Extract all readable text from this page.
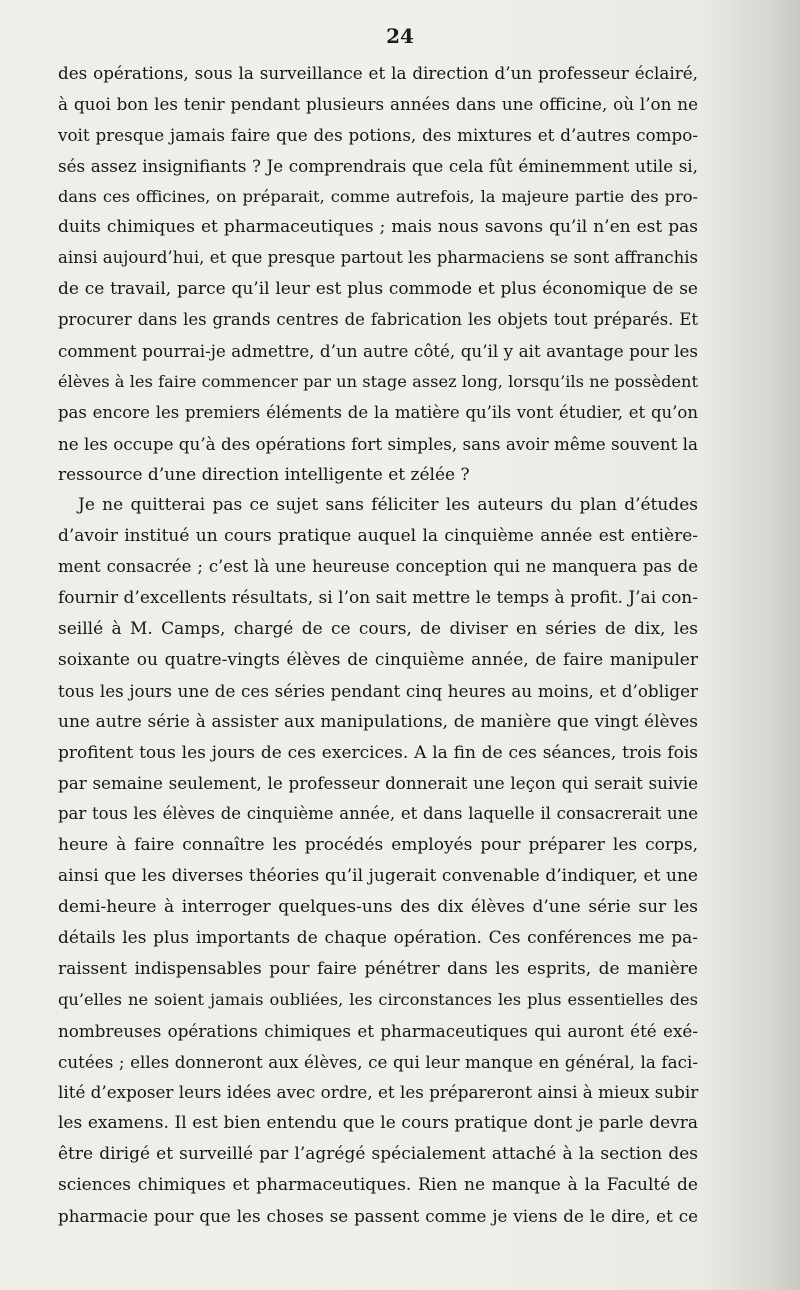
24
des opérations, sous la surveillance et la direction d’un professeur éclairé,
à quoi bon les tenir pendant plusieurs années dans une officine, où l’on ne
voit presque jamais faire que des potions, des mixtures et d’autres compo-
sés assez insignifiants ? Je comprendrais que cela fût éminemment utile si,
dans ces officines, on préparait, comme autrefois, la majeure partie des pro-
duits chimiques et pharmaceutiques ; mais nous savons qu’il n’en est pas
ainsi aujourd’hui, et que presque partout les pharmaciens se sont affranchis
de ce travail, parce qu’il leur est plus commode et plus économique de se
procurer dans les grands centres de fabrication les objets tout préparés. Et
comment pourrai-je admettre, d’un autre côté, qu’il y ait avantage pour les
élèves à les faire commencer par un stage assez long, lorsqu’ils ne possèdent
pas encore les premiers éléments de la matière qu’ils vont étudier, et qu’on
ne les occupe qu’à des opérations fort simples, sans avoir même souvent la
ressource d’une direction intelligente et zélée ?
Je ne quitterai pas ce sujet sans féliciter les auteurs du plan d’études
d’avoir institué un cours pratique auquel la cinquième année est entière-
ment consacrée ; c’est là une heureuse conception qui ne manquera pas de
fournir d’excellents résultats, si l’on sait mettre le temps à profit. J’ai con-
seillé à M. Camps, chargé de ce cours, de diviser en séries de dix, les
soixante ou quatre-vingts élèves de cinquième année, de faire manipuler
tous les jours une de ces séries pendant cinq heures au moins, et d’obliger
une autre série à assister aux manipulations, de manière que vingt élèves
profitent tous les jours de ces exercices. A la fin de ces séances, trois fois
par semaine seulement, le professeur donnerait une leçon qui serait suivie
par tous les élèves de cinquième année, et dans laquelle il consacrerait une
heure à faire connaître les procédés employés pour préparer les corps,
ainsi que les diverses théories qu’il jugerait convenable d’indiquer, et une
demi-heure à interroger quelques-uns des dix élèves d’une série sur les
détails les plus importants de chaque opération. Ces conférences me pa-
raissent indispensables pour faire pénétrer dans les esprits, de manière
qu’elles ne soient jamais oubliées, les circonstances les plus essentielles des
nombreuses opérations chimiques et pharmaceutiques qui auront été exé-
cutées ; elles donneront aux élèves, ce qui leur manque en général, la faci-
lité d’exposer leurs idées avec ordre, et les prépareront ainsi à mieux subir
les examens. Il est bien entendu que le cours pratique dont je parle devra
être dirigé et surveillé par l’agrégé spécialement attaché à la section des
sciences chimiques et pharmaceutiques. Rien ne manque à la Faculté de
pharmacie pour que les choses se passent comme je viens de le dire, et ce
